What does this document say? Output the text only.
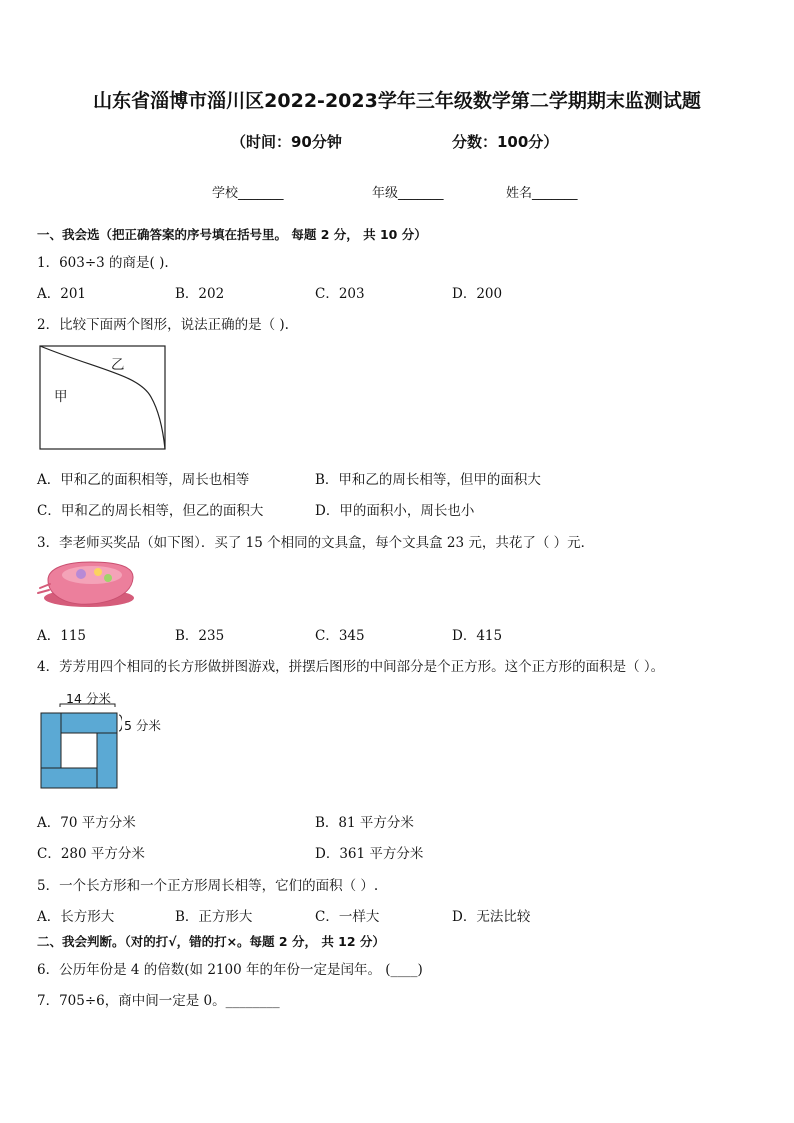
山东省淄博市淄川区2022-2023学年三年级数学第二学期期末监测试题
（时间：90分钟	分数：100分）
学校_______	年级_______	姓名_______
一、我会选（把正确答案的序号填在括号里。 每题 2 分， 共 10 分）
1．603÷3 的商是( ).
A．201	B．202	C．203	D．200
2．比较下面两个图形，说法正确的是（ ).
乙
甲
A．甲和乙的面积相等，周长也相等	B．甲和乙的周长相等，但甲的面积大
C．甲和乙的周长相等，但乙的面积大	D．甲的面积小，周长也小
3．李老师买奖品（如下图）．买了 15 个相同的文具盒，每个文具盒 23 元，共花了（ ）元．
A．115	B．235	C．345	D．415
4．芳芳用四个相同的长方形做拼图游戏，拼摆后图形的中间部分是个正方形。这个正方形的面积是（ ）。
14 分米
5 分米
A．70 平方分米	B．81 平方分米
C．280 平方分米	D．361 平方分米
5．一个长方形和一个正方形周长相等，它们的面积（ ）.
A．长方形大	B．正方形大	C．一样大	D．无法比较
二、我会判断。（对的打√，错的打×。每题 2 分， 共 12 分）
6．公历年份是 4 的倍数(如 2100 年的年份一定是闰年。 (____)
7．705÷6，商中间一定是 0。________
